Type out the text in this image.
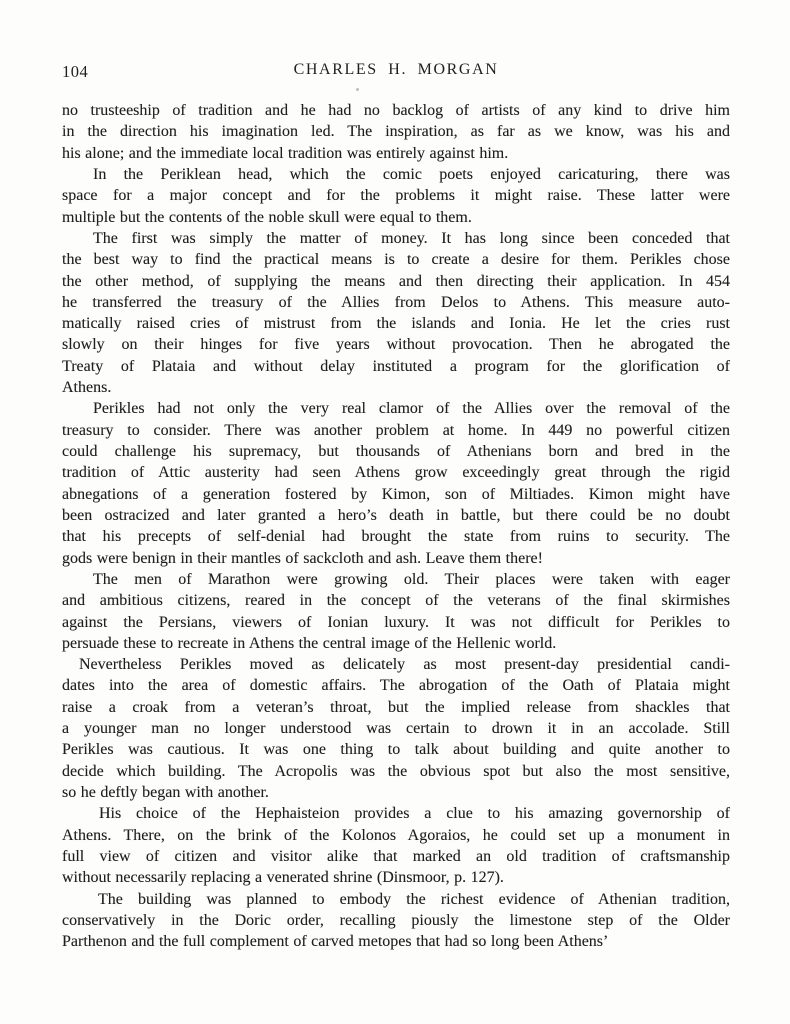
104	CHARLES H. MORGAN
no trusteeship of tradition and he had no backlog of artists of any kind to drive him
in the direction his imagination led. The inspiration, as far as we know, was his and
his alone; and the immediate local tradition was entirely against him.
In the Periklean head, which the comic poets enjoyed caricaturing, there was
space for a major concept and for the problems it might raise. These latter were
multiple but the contents of the noble skull were equal to them.
The first was simply the matter of money. It has long since been conceded that
the best way to find the practical means is to create a desire for them. Perikles chose
the other method, of supplying the means and then directing their application. In 454
he transferred the treasury of the Allies from Delos to Athens. This measure auto-
matically raised cries of mistrust from the islands and Ionia. He let the cries rust
slowly on their hinges for five years without provocation. Then he abrogated the
Treaty of Plataia and without delay instituted a program for the glorification of
Athens.
Perikles had not only the very real clamor of the Allies over the removal of the
treasury to consider. There was another problem at home. In 449 no powerful citizen
could challenge his supremacy, but thousands of Athenians born and bred in the
tradition of Attic austerity had seen Athens grow exceedingly great through the rigid
abnegations of a generation fostered by Kimon, son of Miltiades. Kimon might have
been ostracized and later granted a hero’s death in battle, but there could be no doubt
that his precepts of self-denial had brought the state from ruins to security. The
gods were benign in their mantles of sackcloth and ash. Leave them there!
The men of Marathon were growing old. Their places were taken with eager
and ambitious citizens, reared in the concept of the veterans of the final skirmishes
against the Persians, viewers of Ionian luxury. It was not difficult for Perikles to
persuade these to recreate in Athens the central image of the Hellenic world.
Nevertheless Perikles moved as delicately as most present-day presidential candi-
dates into the area of domestic affairs. The abrogation of the Oath of Plataia might
raise a croak from a veteran’s throat, but the implied release from shackles that
a younger man no longer understood was certain to drown it in an accolade. Still
Perikles was cautious. It was one thing to talk about building and quite another to
decide which building. The Acropolis was the obvious spot but also the most sensitive,
so he deftly began with another.
His choice of the Hephaisteion provides a clue to his amazing governorship of
Athens. There, on the brink of the Kolonos Agoraios, he could set up a monument in
full view of citizen and visitor alike that marked an old tradition of craftsmanship
without necessarily replacing a venerated shrine (Dinsmoor, p. 127).
The building was planned to embody the richest evidence of Athenian tradition,
conservatively in the Doric order, recalling piously the limestone step of the Older
Parthenon and the full complement of carved metopes that had so long been Athens’
